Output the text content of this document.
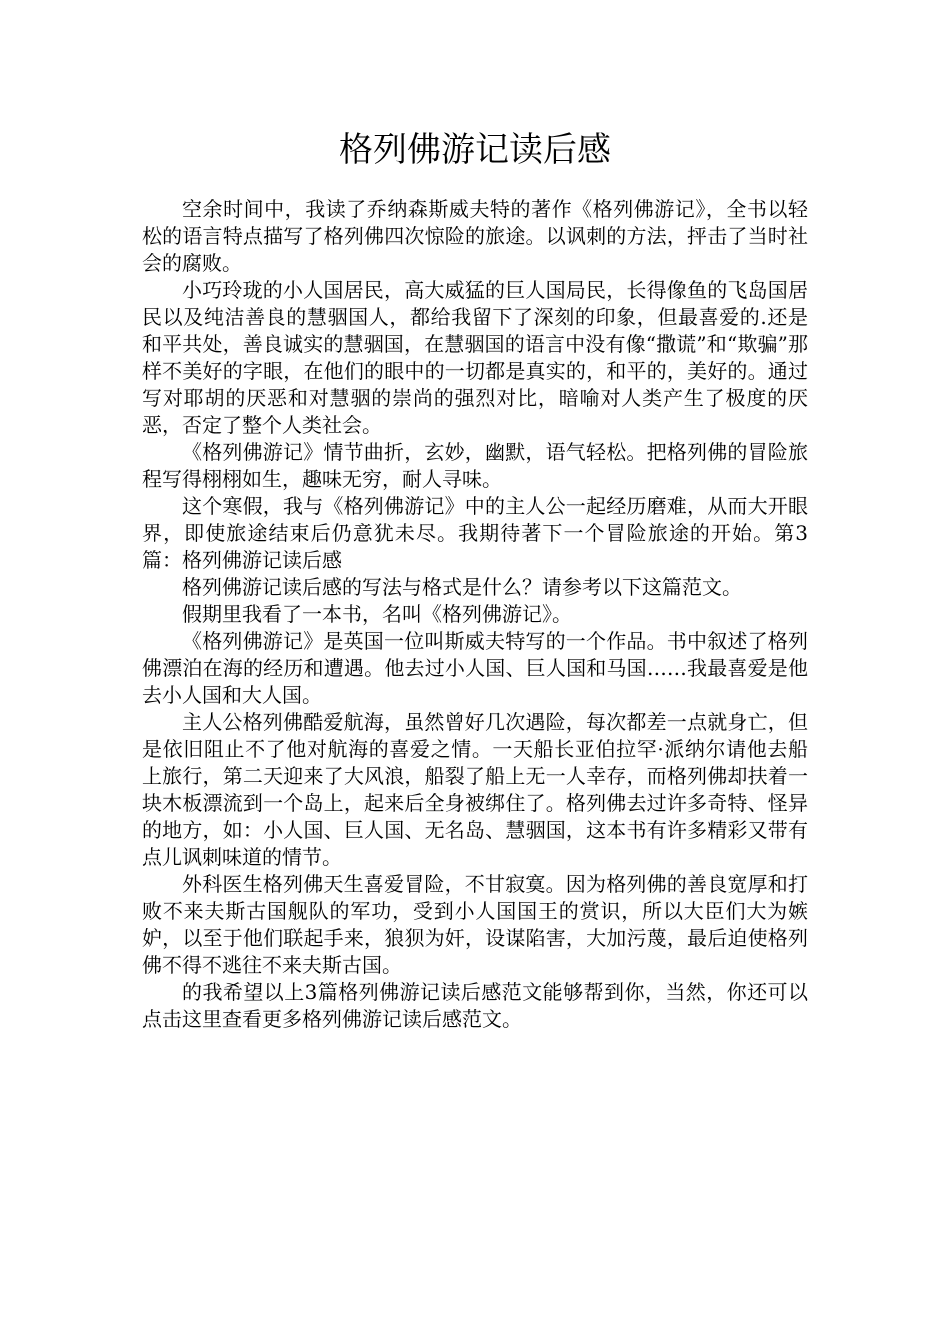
格列佛游记读后感

空余时间中，我读了乔纳森斯威夫特的著作《格列佛游记》，全书以轻松的语言特点描写了格列佛四次惊险的旅途。以讽刺的方法，抨击了当时社会的腐败。

小巧玲珑的小人国居民，高大威猛的巨人国局民，长得像鱼的飞岛国居民以及纯洁善良的慧骃国人，都给我留下了深刻的印象，但最喜爱的.还是和平共处，善良诚实的慧骃国，在慧骃国的语言中没有像“撒谎”和“欺骗”那样不美好的字眼，在他们的眼中的一切都是真实的，和平的，美好的。通过写对耶胡的厌恶和对慧骃的崇尚的强烈对比，暗喻对人类产生了极度的厌恶，否定了整个人类社会。

《格列佛游记》情节曲折，玄妙，幽默，语气轻松。把格列佛的冒险旅程写得栩栩如生，趣味无穷，耐人寻味。

这个寒假，我与《格列佛游记》中的主人公一起经历磨难，从而大开眼界，即使旅途结束后仍意犹未尽。我期待著下一个冒险旅途的开始。第3篇：格列佛游记读后感

格列佛游记读后感的写法与格式是什么？请参考以下这篇范文。

假期里我看了一本书，名叫《格列佛游记》。

《格列佛游记》是英国一位叫斯威夫特写的一个作品。书中叙述了格列佛漂泊在海的经历和遭遇。他去过小人国、巨人国和马国……我最喜爱是他去小人国和大人国。

主人公格列佛酷爱航海，虽然曾好几次遇险，每次都差一点就身亡，但是依旧阻止不了他对航海的喜爱之情。一天船长亚伯拉罕·派纳尔请他去船上旅行，第二天迎来了大风浪，船裂了船上无一人幸存，而格列佛却扶着一块木板漂流到一个岛上，起来后全身被绑住了。格列佛去过许多奇特、怪异的地方，如：小人国、巨人国、无名岛、慧骃国，这本书有许多精彩又带有点儿讽刺味道的情节。

外科医生格列佛天生喜爱冒险，不甘寂寞。因为格列佛的善良宽厚和打败不来夫斯古国舰队的军功，受到小人国国王的赏识，所以大臣们大为嫉妒，以至于他们联起手来，狼狈为奸，设谋陷害，大加污蔑，最后迫使格列佛不得不逃往不来夫斯古国。

的我希望以上3篇格列佛游记读后感范文能够帮到你，当然，你还可以点击这里查看更多格列佛游记读后感范文。
